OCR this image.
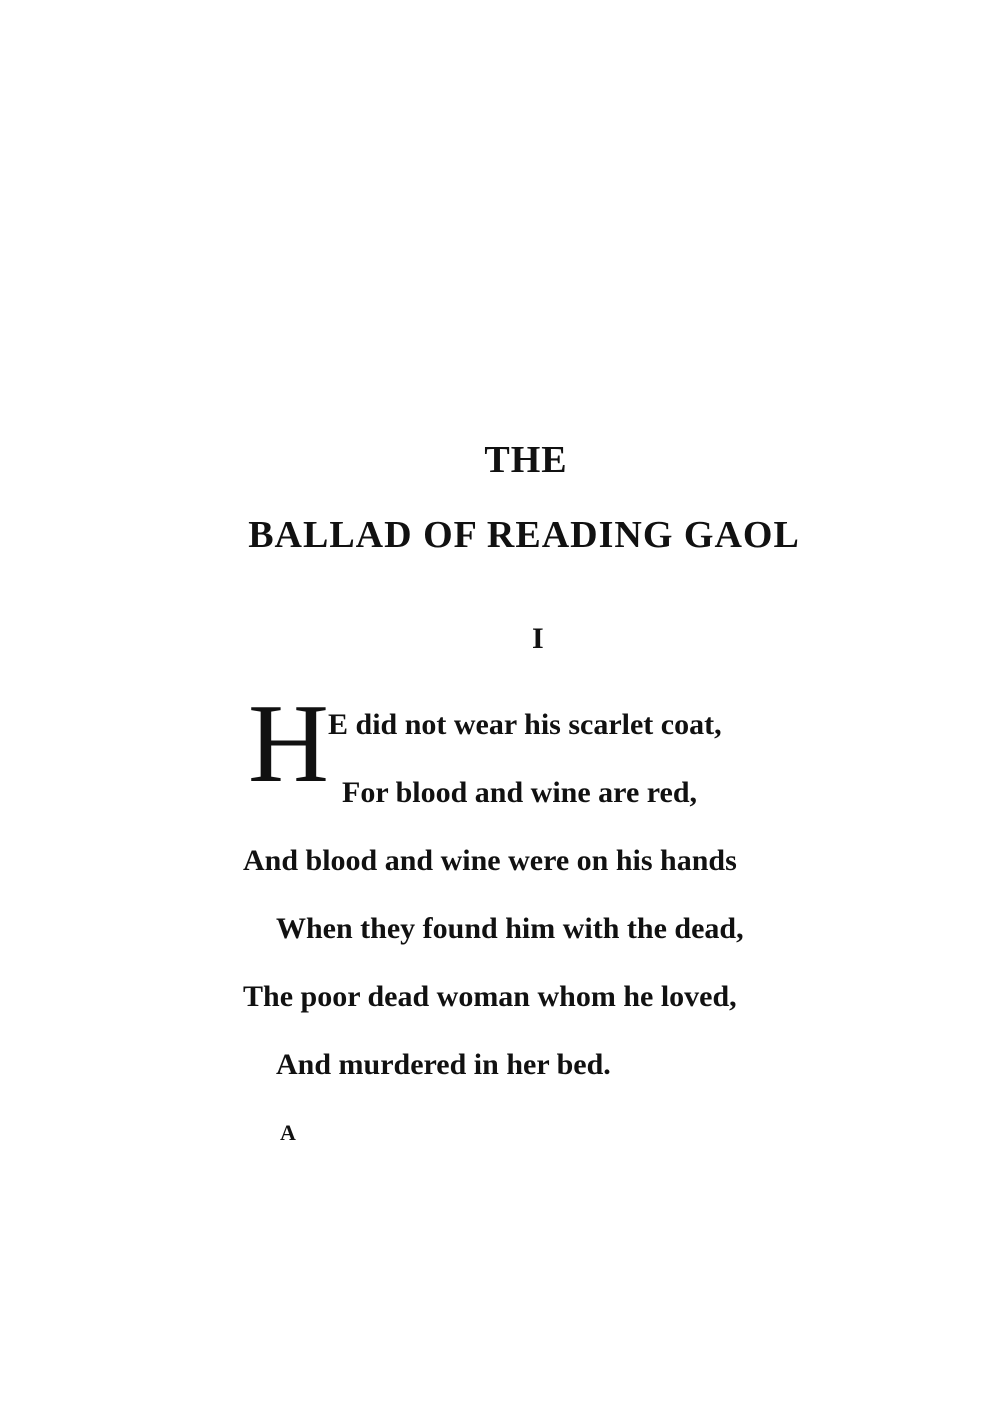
THE
BALLAD OF READING GAOL
I
H E did not wear his scarlet coat,
For blood and wine are red,
And blood and wine were on his hands
When they found him with the dead,
The poor dead woman whom he loved,
And murdered in her bed.
A
